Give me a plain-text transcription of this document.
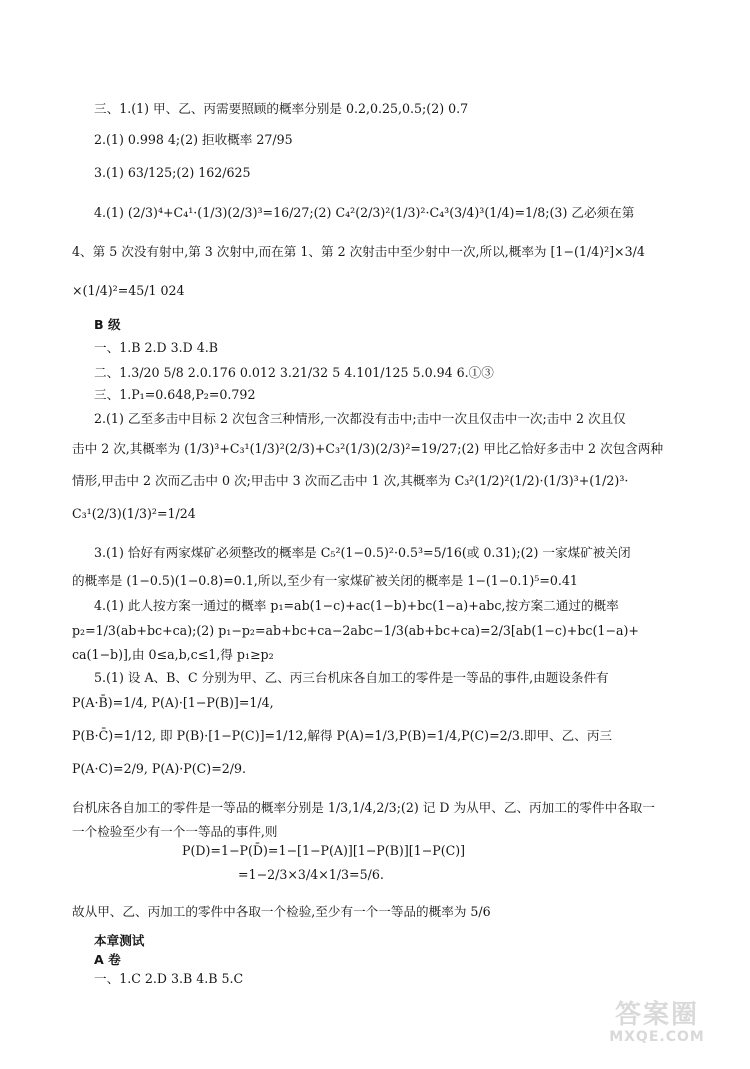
三、1.(1) 甲、乙、丙需要照顾的概率分别是 0.2,0.25,0.5;(2) 0.7
2.(1) 0.998 4;(2) 拒收概率 27/95
3.(1) 63/125;(2) 162/625
4.(1) (2/3)⁴+C₄¹·(1/3)(2/3)³=16/27;(2) C₄²(2/3)²(1/3)²·C₄³(3/4)³(1/4)=1/8;(3) 乙必须在第
4、第 5 次没有射中,第 3 次射中,而在第 1、第 2 次射击中至少射中一次,所以,概率为 [1−(1/4)²]×3/4
×(1/4)²=45/1 024
B 级
一、1.B 2.D 3.D 4.B
二、1.3/20 5/8 2.0.176 0.012 3.21/32 5 4.101/125 5.0.94 6.①③
三、1.P₁=0.648,P₂=0.792
2.(1) 乙至多击中目标 2 次包含三种情形,一次都没有击中;击中一次且仅击中一次;击中 2 次且仅
击中 2 次,其概率为 (1/3)³+C₃¹(1/3)²(2/3)+C₃²(1/3)(2/3)²=19/27;(2) 甲比乙恰好多击中 2 次包含两种
情形,甲击中 2 次而乙击中 0 次;甲击中 3 次而乙击中 1 次,其概率为 C₃²(1/2)²(1/2)·(1/3)³+(1/2)³·
C₃¹(2/3)(1/3)²=1/24
3.(1) 恰好有两家煤矿必须整改的概率是 C₅²(1−0.5)²·0.5³=5/16(或 0.31);(2) 一家煤矿被关闭
的概率是 (1−0.5)(1−0.8)=0.1,所以,至少有一家煤矿被关闭的概率是 1−(1−0.1)⁵=0.41
4.(1) 此人按方案一通过的概率 p₁=ab(1−c)+ac(1−b)+bc(1−a)+abc,按方案二通过的概率
p₂=1/3(ab+bc+ca);(2) p₁−p₂=ab+bc+ca−2abc−1/3(ab+bc+ca)=2/3[ab(1−c)+bc(1−a)+
ca(1−b)],由 0≤a,b,c≤1,得 p₁≥p₂
5.(1) 设 A、B、C 分别为甲、乙、丙三台机床各自加工的零件是一等品的事件,由题设条件有
P(A·B̄)=1/4, P(A)·[1−P(B)]=1/4,
P(B·C̄)=1/12, 即 P(B)·[1−P(C)]=1/12,解得 P(A)=1/3,P(B)=1/4,P(C)=2/3.即甲、乙、丙三
P(A·C)=2/9, P(A)·P(C)=2/9.
台机床各自加工的零件是一等品的概率分别是 1/3,1/4,2/3;(2) 记 D 为从甲、乙、丙加工的零件中各取一
一个检验至少有一个一等品的事件,则
P(D)=1−P(D̄)=1−[1−P(A)][1−P(B)][1−P(C)]
=1−2/3×3/4×1/3=5/6.
故从甲、乙、丙加工的零件中各取一个检验,至少有一个一等品的概率为 5/6
本章测试
A 卷
一、1.C 2.D 3.B 4.B 5.C
答案圈
MXQE.COM
